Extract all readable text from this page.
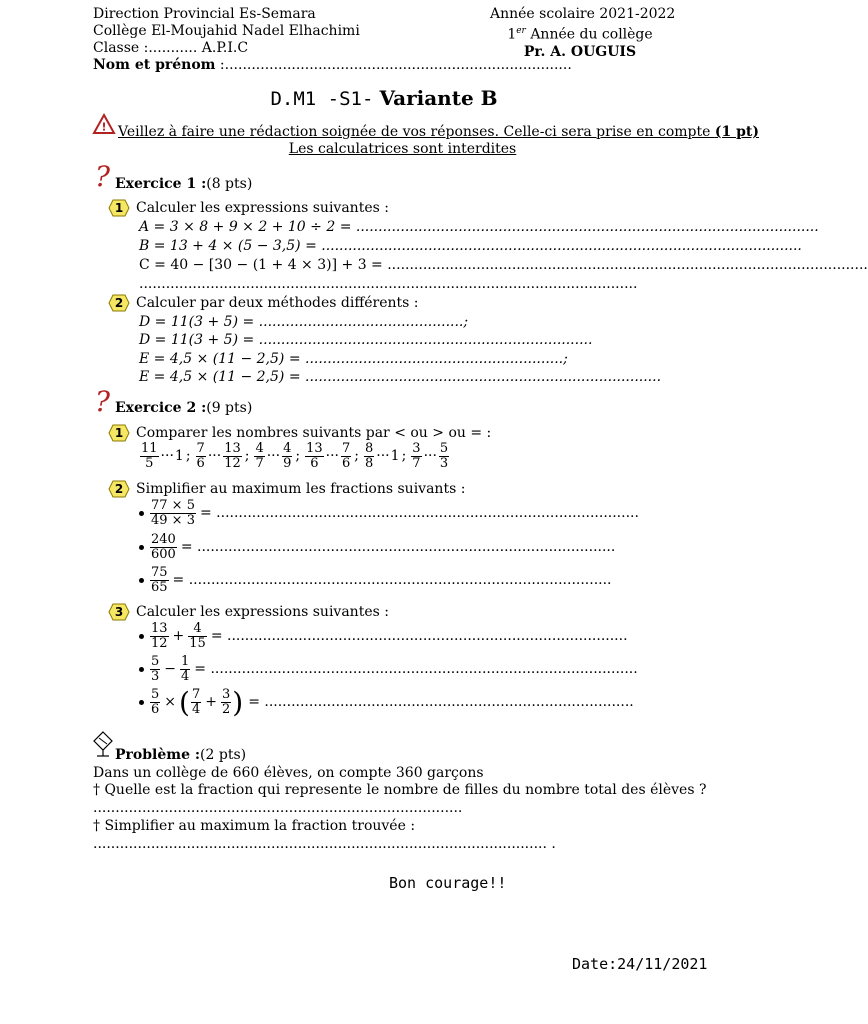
Direction Provincial Es-Semara
Collège El-Moujahid Nadel Elhachimi
Classe :........... A.P.I.C
Nom et prénom :..............................................................................
Année scolaire 2021-2022
1er Année du collège
Pr. A. OUGUIS
D.M1 -S1- Variante B
! Veillez à faire une rédaction soignée de vos réponses. Celle-ci sera prise en compte (1 pt)
Les calculatrices sont interdites
? Exercice 1 :(8 pts)
1 Calculer les expressions suivantes :
A = 3 × 8 + 9 × 2 + 10 ÷ 2 = ........................................................................................................
B = 13 + 4 × (5 − 3,5) = ............................................................................................................
C = 40 − [30 − (1 + 4 × 3)] + 3 = ............................................................................................................
................................................................................................................
2 Calculer par deux méthodes différents :
D = 11(3 + 5) = ..............................................;
D = 11(3 + 5) = ...........................................................................
E = 4,5 × (11 − 2,5) = ..........................................................;
E = 4,5 × (11 − 2,5) = ................................................................................
? Exercice 2 :(9 pts)
1 Comparer les nombres suivants par < ou > ou = :
$\frac{11}{5}$ ··· 1 ; $\frac{7}{6}$ ··· $\frac{13}{12}$ ; $\frac{4}{7}$ ··· $\frac{4}{9}$ ; $\frac{13}{6}$ ··· $\frac{7}{6}$ ; $\frac{8}{8}$ ··· 1 ; $\frac{3}{7}$ ··· $\frac{5}{3}$
2 Simplifier au maximum les fractions suivants :
$\frac{77 \times 5}{49 \times 3}$ = ...............................................................................................
$\frac{240}{600}$ = ..............................................................................................
$\frac{75}{65}$ = ...............................................................................................
3 Calculer les expressions suivantes :
$\frac{13}{12} + \frac{4}{15}$ = ..........................................................................................
$\frac{5}{3} - \frac{1}{4}$ = ................................................................................................
$\frac{5}{6}$ × ( $\frac{7}{4} + \frac{3}{2}$ ) = ...................................................................................
Problème :(2 pts)
Dans un collège de 660 élèves, on compte 360 garçons
† Quelle est la fraction qui represente le nombre de filles du nombre total des élèves ?
...................................................................................
† Simplifier au maximum la fraction trouvée :
...................................................................................................... .
Bon courage!!
Date:24/11/2021
